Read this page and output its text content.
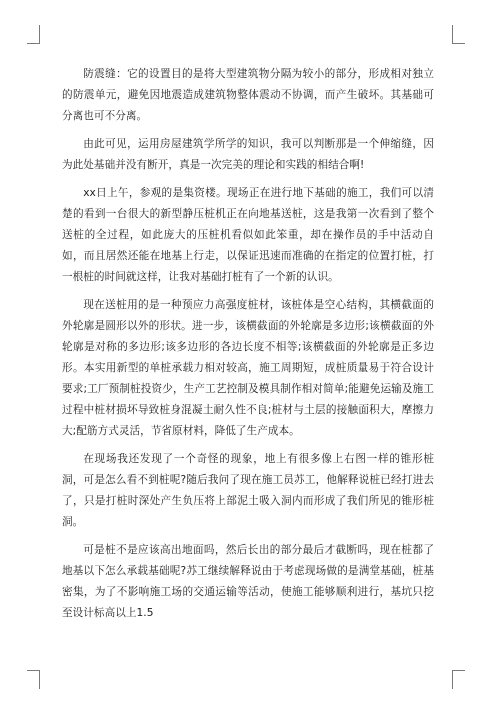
防震缝：它的设置目的是将大型建筑物分隔为较小的部分，形成相对独立的防震单元，避免因地震造成建筑物整体震动不协调，而产生破坏。其基础可分离也可不分离。

由此可见，运用房屋建筑学所学的知识，我可以判断那是一个伸缩缝，因为此处基础并没有断开，真是一次完美的理论和实践的相结合啊!

xx日上午，参观的是集资楼。现场正在进行地下基础的施工，我们可以清楚的看到一台很大的新型静压桩机正在向地基送桩，这是我第一次看到了整个送桩的全过程，如此庞大的压桩机看似如此笨重，却在操作员的手中活动自如，而且居然还能在地基上行走，以保证迅速而准确的在指定的位置打桩，打一根桩的时间就这样，让我对基础打桩有了一个新的认识。

现在送桩用的是一种预应力高强度桩材，该桩体是空心结构，其横截面的外轮廓是圆形以外的形状。进一步，该横截面的外轮廓是多边形;该横截面的外轮廓是对称的多边形;该多边形的各边长度不相等;该横截面的外轮廓是正多边形。本实用新型的单桩承载力相对较高，施工周期短，成桩质量易于符合设计要求;工厂预制桩投资少，生产工艺控制及模具制作相对简单;能避免运输及施工过程中桩材损坏导致桩身混凝土耐久性不良;桩材与土层的接触面积大，摩擦力大;配筋方式灵活，节省原材料，降低了生产成本。

在现场我还发现了一个奇怪的现象，地上有很多像上右图一样的锥形桩洞，可是怎么看不到桩呢?随后我问了现在施工员苏工，他解释说桩已经打进去了，只是打桩时深处产生负压将上部泥土吸入洞内而形成了我们所见的锥形桩洞。

可是桩不是应该高出地面吗，然后长出的部分最后才截断吗，现在桩都了地基以下怎么承载基础呢?苏工继续解释说由于考虑现场做的是满堂基础，桩基密集，为了不影响施工场的交通运输等活动，使施工能够顺利进行，基坑只挖至设计标高以上1.5
